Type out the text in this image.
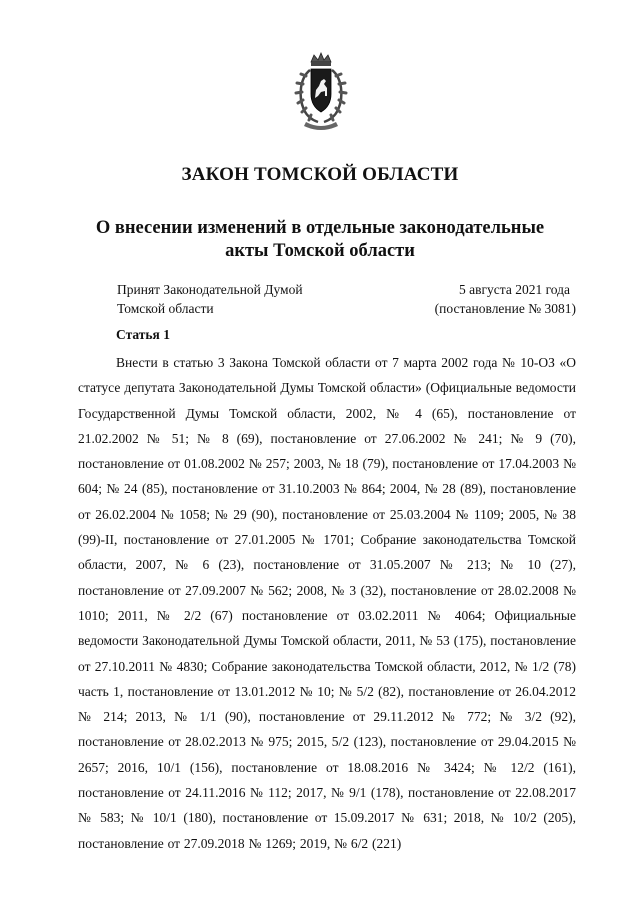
ЗАКОН ТОМСКОЙ ОБЛАСТИ
О внесении изменений в отдельные законодательные
акты Томской области
Принят Законодательной Думой
Томской области
5 августа 2021 года
(постановление № 3081)
Статья 1

Внести в статью 3 Закона Томской области от 7 марта 2002 года № 10-ОЗ «О статусе депутата Законодательной Думы Томской области» (Официальные ведомости Государственной Думы Томской области, 2002, № 4 (65), постановление от 21.02.2002 № 51; № 8 (69), постановление от 27.06.2002 № 241; № 9 (70), постановление от 01.08.2002 № 257; 2003, № 18 (79), постановление от 17.04.2003 № 604; № 24 (85), постановление от 31.10.2003 № 864; 2004, № 28 (89), постановление от 26.02.2004 № 1058; № 29 (90), постановление от 25.03.2004 № 1109; 2005, № 38 (99)-II, постановление от 27.01.2005 № 1701; Собрание законодательства Томской области, 2007, № 6 (23), постановление от 31.05.2007 № 213; № 10 (27), постановление от 27.09.2007 № 562; 2008, № 3 (32), постановление от 28.02.2008 № 1010; 2011, № 2/2 (67) постановление от 03.02.2011 № 4064; Официальные ведомости Законодательной Думы Томской области, 2011, № 53 (175), постановление от 27.10.2011 № 4830; Собрание законодательства Томской области, 2012, № 1/2 (78) часть 1, постановление от 13.01.2012 № 10; № 5/2 (82), постановление от 26.04.2012 № 214; 2013, № 1/1 (90), постановление от 29.11.2012 № 772; № 3/2 (92), постановление от 28.02.2013 № 975; 2015, 5/2 (123), постановление от 29.04.2015 № 2657; 2016, 10/1 (156), постановление от 18.08.2016 № 3424; № 12/2 (161), постановление от 24.11.2016 № 112; 2017, № 9/1 (178), постановление от 22.08.2017 № 583; № 10/1 (180), постановление от 15.09.2017 № 631; 2018, № 10/2 (205), постановление от 27.09.2018 № 1269; 2019, № 6/2 (221)
